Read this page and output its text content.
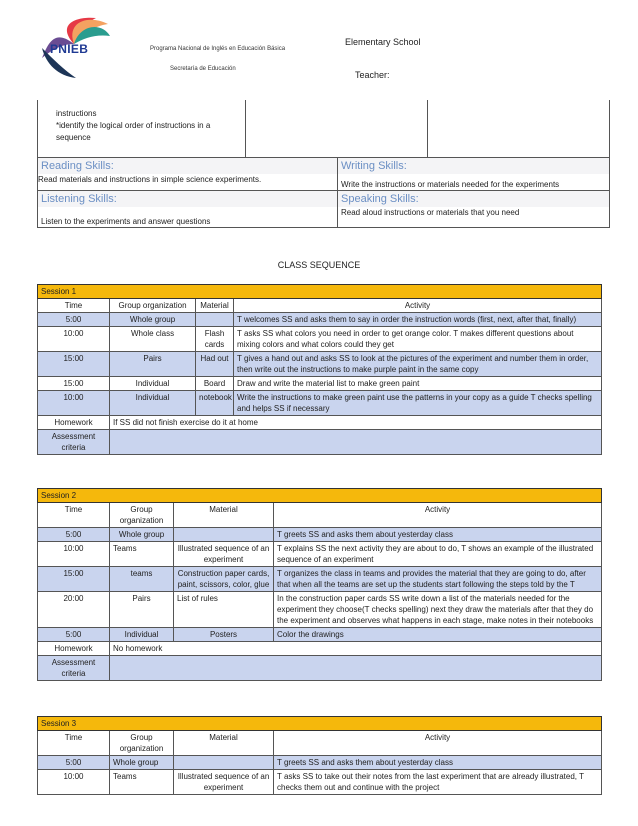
PNIEB	Programa Nacional de Inglés en Educación Básica
Secretaría de Educación
Elementary School
Teacher:
instructions
*identify the logical order of instructions in a
sequence

Reading Skills:	Writing Skills:
Read materials and instructions in simple science experiments.	Write the instructions or materials needed for the experiments
Listening Skills:	Speaking Skills:
Listen to the experiments and answer questions	Read aloud instructions or materials that you need
CLASS SEQUENCE
Session 1			
Time	Group organization	Material	Activity
5:00	Whole group		T welcomes SS and asks them to say in order the instruction words (first, next, after that, finally)
10:00	Whole class	Flash cards	T asks SS what colors you need in order to get orange color. T makes different questions about mixing colors and what colors could they get
15:00	Pairs	Had out	T gives a hand out and asks SS to look at the pictures of the experiment and number them in order, then write out the instructions to make purple paint in the same copy
15:00	Individual	Board	Draw and write the material list to make green paint
10:00	Individual	notebook	Write the instructions to make green paint use the patterns in your copy as a guide T checks spelling and helps SS if necessary
Homework	If SS did not finish exercise do it at home		
Assessment criteria			
Session 2			
Time	Group organization	Material	Activity
5:00	Whole group		T greets SS and asks them about yesterday class
10:00	Teams	Illustrated sequence of an experiment	T explains SS the next activity they are about to do, T shows an example of the illustrated sequence of an experiment
15:00	teams	Construction paper cards, paint, scissors, color, glue	T organizes the class in teams and provides the material that they are going to do, after that when all the teams are set up the students start following the steps told by the T
20:00	Pairs	List of rules	In the construction paper cards SS write down a list of the materials needed for the experiment they choose(T checks spelling) next they draw the materials after that they do the experiment and observes what happens in each stage, make notes in their notebooks
5:00	Individual	Posters	Color the drawings
Homework	No homework		
Assessment criteria			
Session 3			
Time	Group organization	Material	Activity
5:00	Whole group		T greets SS and asks them about yesterday class
10:00	Teams	Illustrated sequence of an experiment	T asks SS to take out their notes from the last experiment that are already illustrated, T checks them out and continue with the project
